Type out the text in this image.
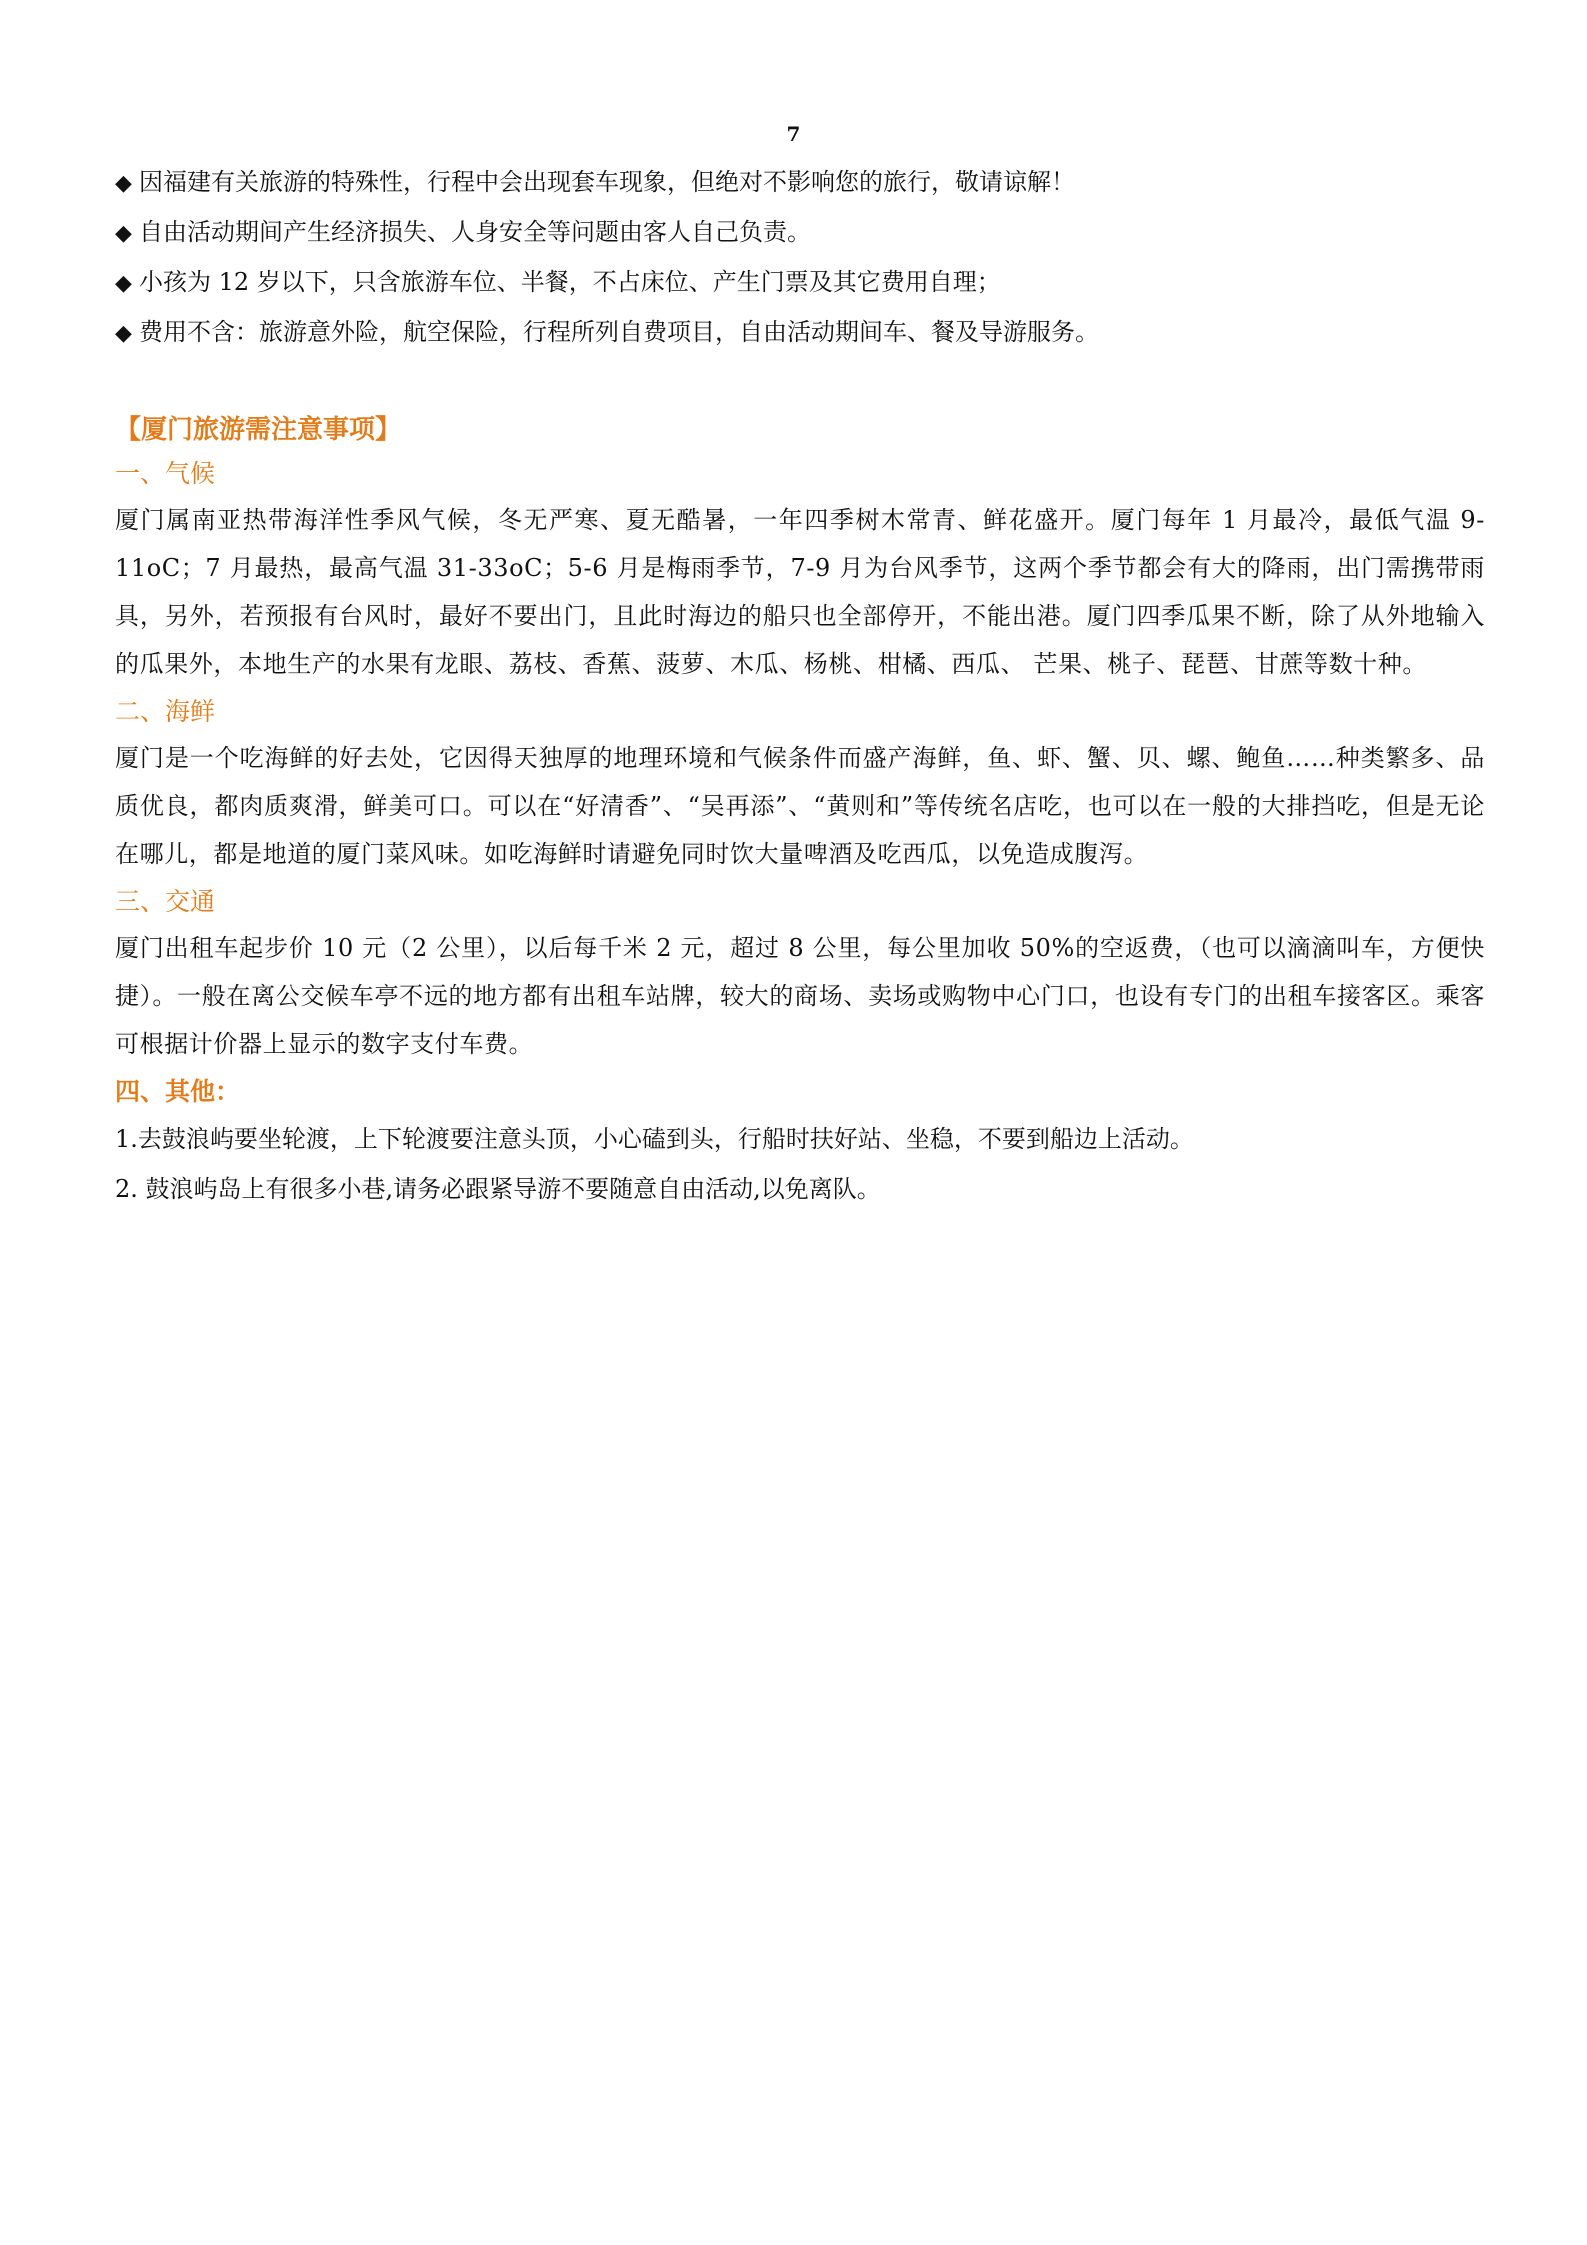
7
◆ 因福建有关旅游的特殊性，行程中会出现套车现象，但绝对不影响您的旅行，敬请谅解！
◆ 自由活动期间产生经济损失、人身安全等问题由客人自己负责。
◆ 小孩为 12 岁以下，只含旅游车位、半餐，不占床位、产生门票及其它费用自理；
◆ 费用不含：旅游意外险，航空保险，行程所列自费项目，自由活动期间车、餐及导游服务。
【厦门旅游需注意事项】
一、气候
厦门属南亚热带海洋性季风气候，冬无严寒、夏无酷暑，一年四季树木常青、鲜花盛开。厦门每年 1 月最冷，最低气温 9-11oC；7 月最热，最高气温 31-33oC；5-6 月是梅雨季节，7-9 月为台风季节，这两个季节都会有大的降雨，出门需携带雨具，另外，若预报有台风时，最好不要出门，且此时海边的船只也全部停开，不能出港。厦门四季瓜果不断，除了从外地输入的瓜果外，本地生产的水果有龙眼、荔枝、香蕉、菠萝、木瓜、杨桃、柑橘、西瓜、 芒果、桃子、琵琶、甘蔗等数十种。
二、海鲜
厦门是一个吃海鲜的好去处，它因得天独厚的地理环境和气候条件而盛产海鲜，鱼、虾、蟹、贝、螺、鲍鱼……种类繁多、品质优良，都肉质爽滑，鲜美可口。可以在“好清香”、“吴再添”、“黄则和”等传统名店吃，也可以在一般的大排挡吃，但是无论在哪儿，都是地道的厦门菜风味。如吃海鲜时请避免同时饮大量啤酒及吃西瓜，以免造成腹泻。
三、交通
厦门出租车起步价 10 元（2 公里），以后每千米 2 元，超过 8 公里，每公里加收 50%的空返费，（也可以滴滴叫车，方便快捷）。一般在离公交候车亭不远的地方都有出租车站牌，较大的商场、卖场或购物中心门口，也设有专门的出租车接客区。乘客可根据计价器上显示的数字支付车费。
四、其他：
1.去鼓浪屿要坐轮渡，上下轮渡要注意头顶，小心磕到头，行船时扶好站、坐稳，不要到船边上活动。
2. 鼓浪屿岛上有很多小巷,请务必跟紧导游不要随意自由活动,以免离队。
